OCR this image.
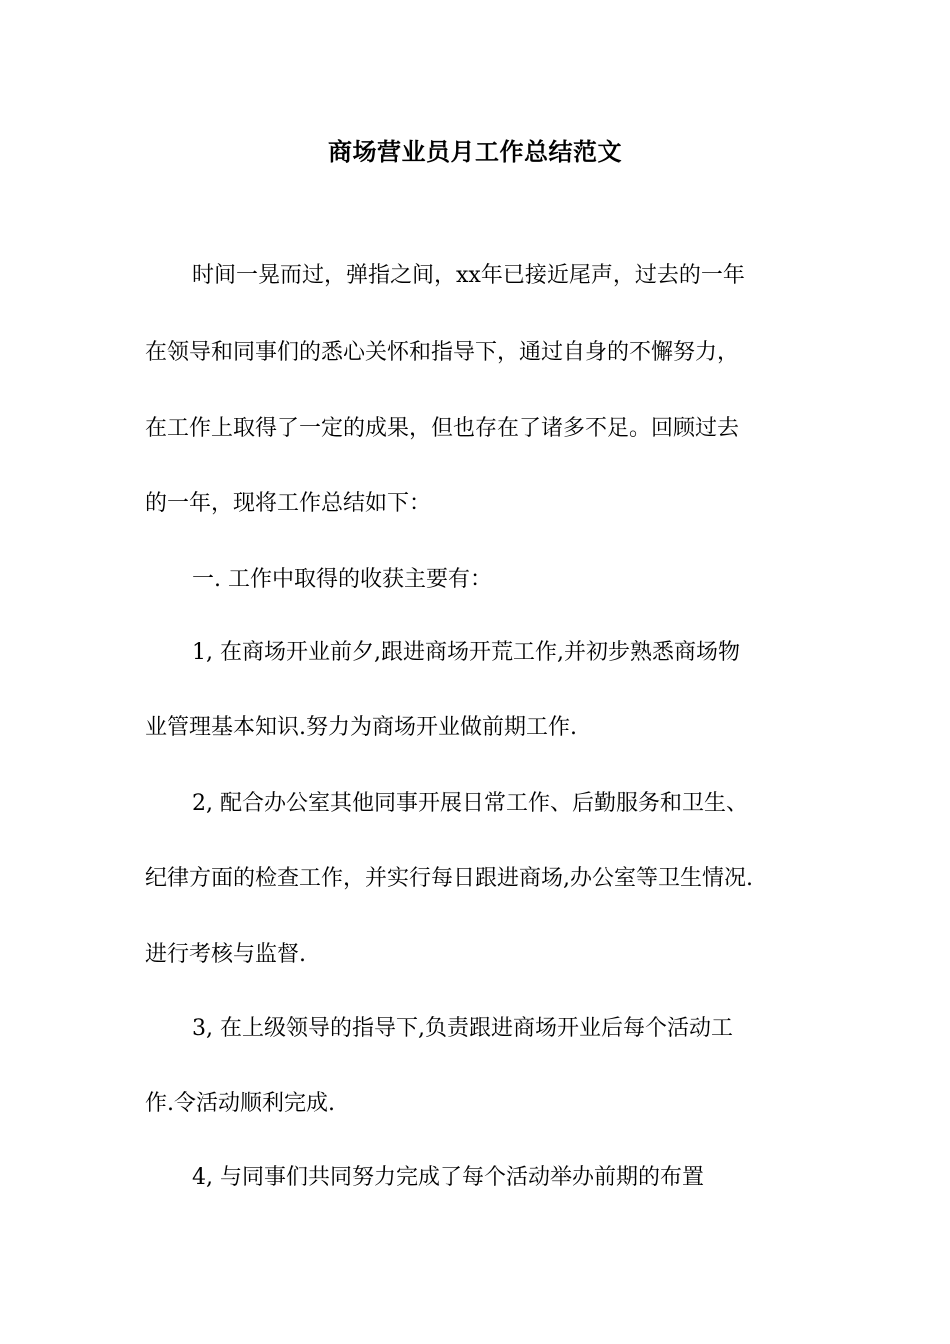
商场营业员月工作总结范文
时间一晃而过，弹指之间，xx年已接近尾声，过去的一年
在领导和同事们的悉心关怀和指导下，通过自身的不懈努力，
在工作上取得了一定的成果，但也存在了诸多不足。回顾过去
的一年，现将工作总结如下：
一. 工作中取得的收获主要有：
1, 在商场开业前夕,跟进商场开荒工作,并初步熟悉商场物
业管理基本知识.努力为商场开业做前期工作.
2, 配合办公室其他同事开展日常工作、后勤服务和卫生、
纪律方面的检查工作，并实行每日跟进商场,办公室等卫生情况.
进行考核与监督.
3, 在上级领导的指导下,负责跟进商场开业后每个活动工
作.令活动顺利完成.
4, 与同事们共同努力完成了每个活动举办前期的布置
